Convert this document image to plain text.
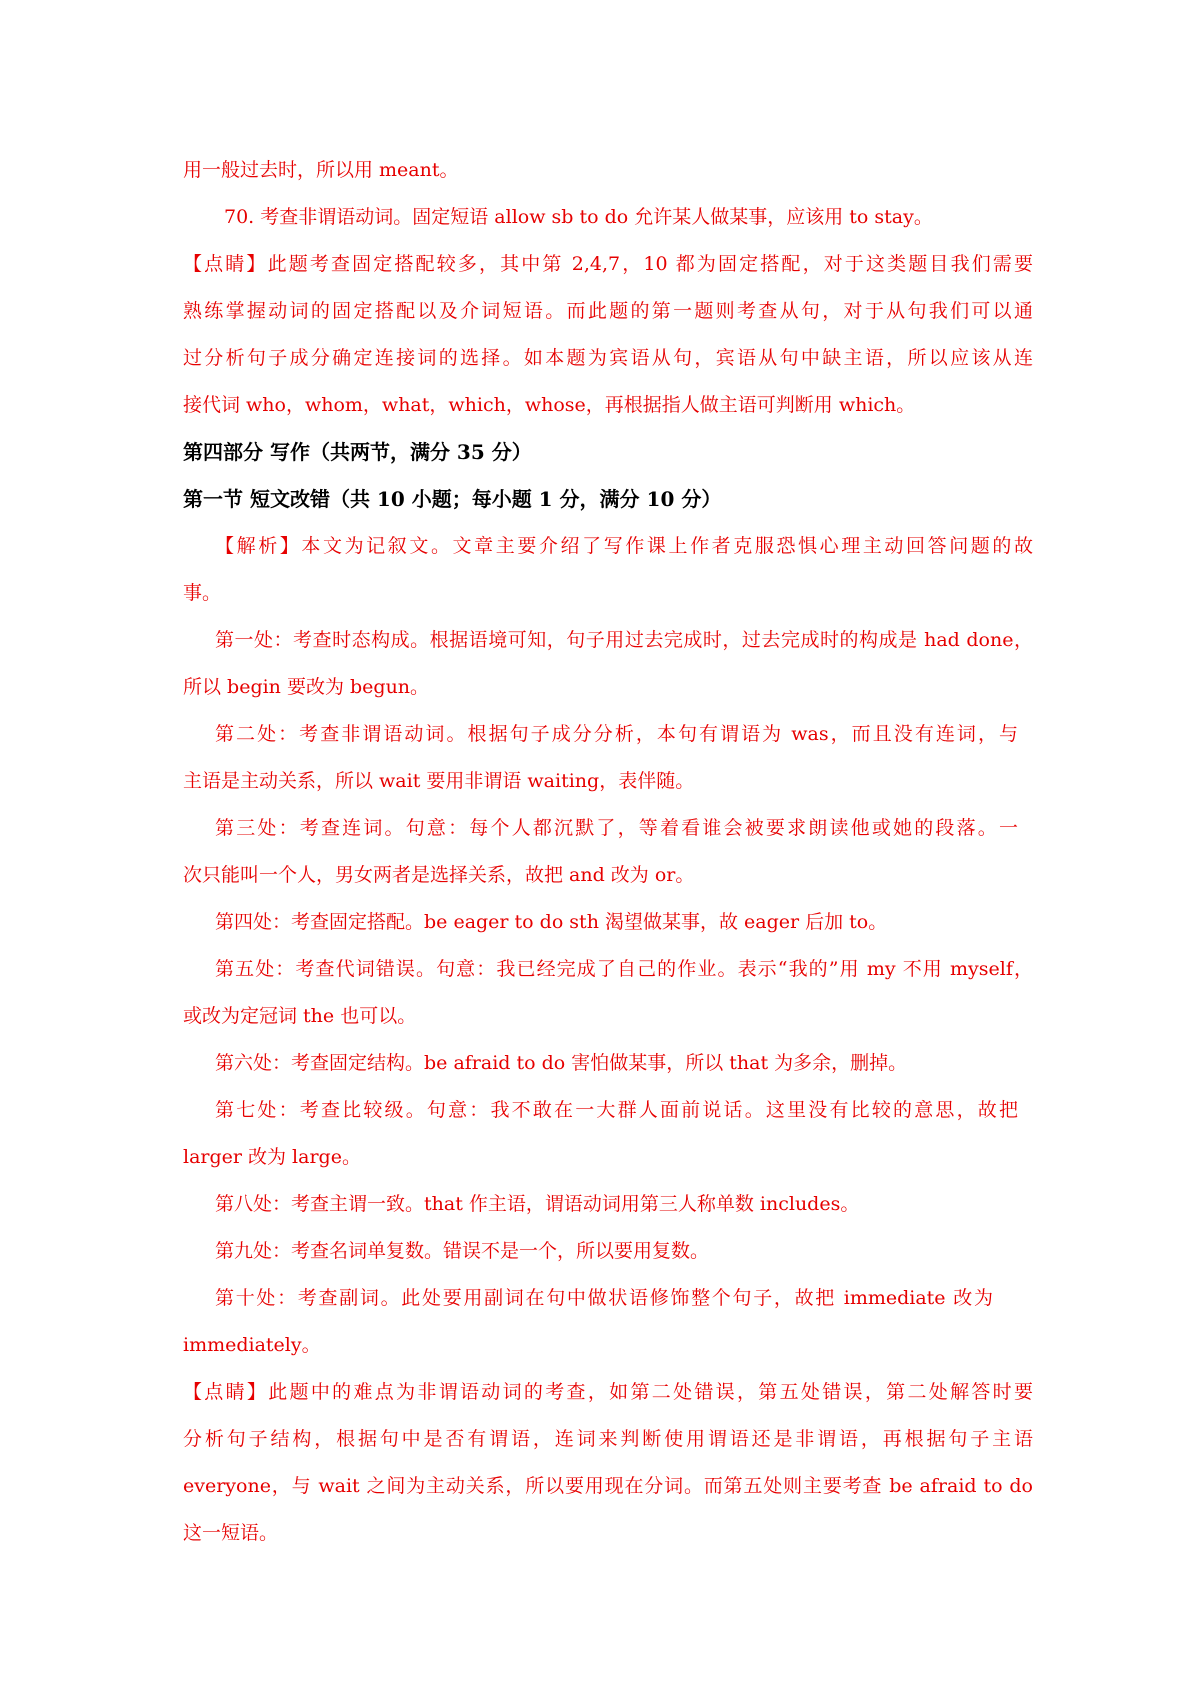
用一般过去时，所以用 meant。
70. 考查非谓语动词。固定短语 allow sb to do 允许某人做某事，应该用 to stay。
【点睛】此题考查固定搭配较多，其中第 2,4,7，10 都为固定搭配，对于这类题目我们需要
熟练掌握动词的固定搭配以及介词短语。而此题的第一题则考查从句，对于从句我们可以通
过分析句子成分确定连接词的选择。如本题为宾语从句，宾语从句中缺主语，所以应该从连
接代词 who，whom，what，which，whose，再根据指人做主语可判断用 which。
第四部分 写作（共两节，满分 35 分）
第一节 短文改错（共 10 小题；每小题 1 分，满分 10 分）
【解析】本文为记叙文。文章主要介绍了写作课上作者克服恐惧心理主动回答问题的故
事。
第一处：考查时态构成。根据语境可知，句子用过去完成时，过去完成时的构成是 had done，
所以 begin 要改为 begun。
第二处：考查非谓语动词。根据句子成分分析，本句有谓语为 was，而且没有连词，与
主语是主动关系，所以 wait 要用非谓语 waiting，表伴随。
第三处：考查连词。句意：每个人都沉默了，等着看谁会被要求朗读他或她的段落。一
次只能叫一个人，男女两者是选择关系，故把 and 改为 or。
第四处：考查固定搭配。be eager to do sth 渴望做某事，故 eager 后加 to。
第五处：考查代词错误。句意：我已经完成了自己的作业。表示“我的”用 my 不用 myself，
或改为定冠词 the 也可以。
第六处：考查固定结构。be afraid to do 害怕做某事，所以 that 为多余，删掉。
第七处：考查比较级。句意：我不敢在一大群人面前说话。这里没有比较的意思，故把
larger 改为 large。
第八处：考查主谓一致。that 作主语，谓语动词用第三人称单数 includes。
第九处：考查名词单复数。错误不是一个，所以要用复数。
第十处：考查副词。此处要用副词在句中做状语修饰整个句子，故把 immediate 改为
immediately。
【点睛】此题中的难点为非谓语动词的考查，如第二处错误，第五处错误，第二处解答时要
分析句子结构，根据句中是否有谓语，连词来判断使用谓语还是非谓语，再根据句子主语
everyone，与 wait 之间为主动关系，所以要用现在分词。而第五处则主要考查 be afraid to do
这一短语。
